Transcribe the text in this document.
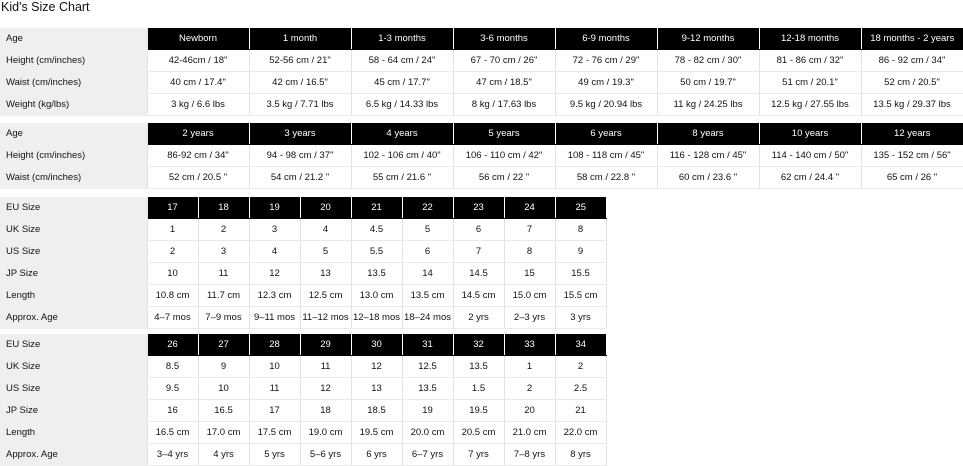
Kid's Size Chart
Age	Newborn	1 month	1-3 months	3-6 months	6-9 months	9-12 months	12-18 months	18 months - 2 years
Height (cm/inches)	42-46cm / 18"	52-56 cm / 21"	58 - 64 cm / 24"	67 - 70 cm / 26"	72 - 76 cm / 29"	78 - 82 cm / 30"	81 - 86 cm / 32"	86 - 92 cm / 34"
Waist (cm/inches)	40 cm / 17.4"	42 cm / 16.5"	45 cm / 17.7"	47 cm / 18.5"	49 cm / 19.3"	50 cm / 19.7"	51 cm / 20.1"	52 cm / 20.5"
Weight (kg/lbs)	3 kg / 6.6 lbs	3.5 kg / 7.71 lbs	6.5 kg / 14.33 lbs	8 kg / 17.63 lbs	9.5 kg / 20.94 lbs	11 kg / 24.25 lbs	12.5 kg / 27.55 lbs	13.5 kg / 29.37 lbs
Age	2 years	3 years	4 years	5 years	6 years	8 years	10 years	12 years
Height (cm/inches)	86-92 cm / 34"	94 - 98 cm / 37"	102 - 106 cm / 40"	106 - 110 cm / 42"	108 - 118 cm / 45"	116 - 128 cm / 45"	114 - 140 cm / 50"	135 - 152 cm / 56"
Waist (cm/inches)	52 cm / 20.5 "	54 cm / 21.2 "	55 cm / 21.6 "	56 cm / 22 "	58 cm / 22.8 "	60 cm / 23.6 "	62 cm / 24.4 "	65 cm / 26 "
EU Size	17	18	19	20	21	22	23	24	25
UK Size	1	2	3	4	4.5	5	6	7	8
US Size	2	3	4	5	5.5	6	7	8	9
JP Size	10	11	12	13	13.5	14	14.5	15	15.5
Length	10.8 cm	11.7 cm	12.3 cm	12.5 cm	13.0 cm	13.5 cm	14.5 cm	15.0 cm	15.5 cm
Approx. Age	4–7 mos	7–9 mos	9–11 mos	11–12 mos	12–18 mos	18–24 mos	2 yrs	2–3 yrs	3 yrs
EU Size	26	27	28	29	30	31	32	33	34
UK Size	8.5	9	10	11	12	12.5	13.5	1	2
US Size	9.5	10	11	12	13	13.5	1.5	2	2.5
JP Size	16	16.5	17	18	18.5	19	19.5	20	21
Length	16.5 cm	17.0 cm	17.5 cm	19.0 cm	19.5 cm	20.0 cm	20.5 cm	21.0 cm	22.0 cm
Approx. Age	3–4 yrs	4 yrs	5 yrs	5–6 yrs	6 yrs	6–7 yrs	7 yrs	7–8 yrs	8 yrs
